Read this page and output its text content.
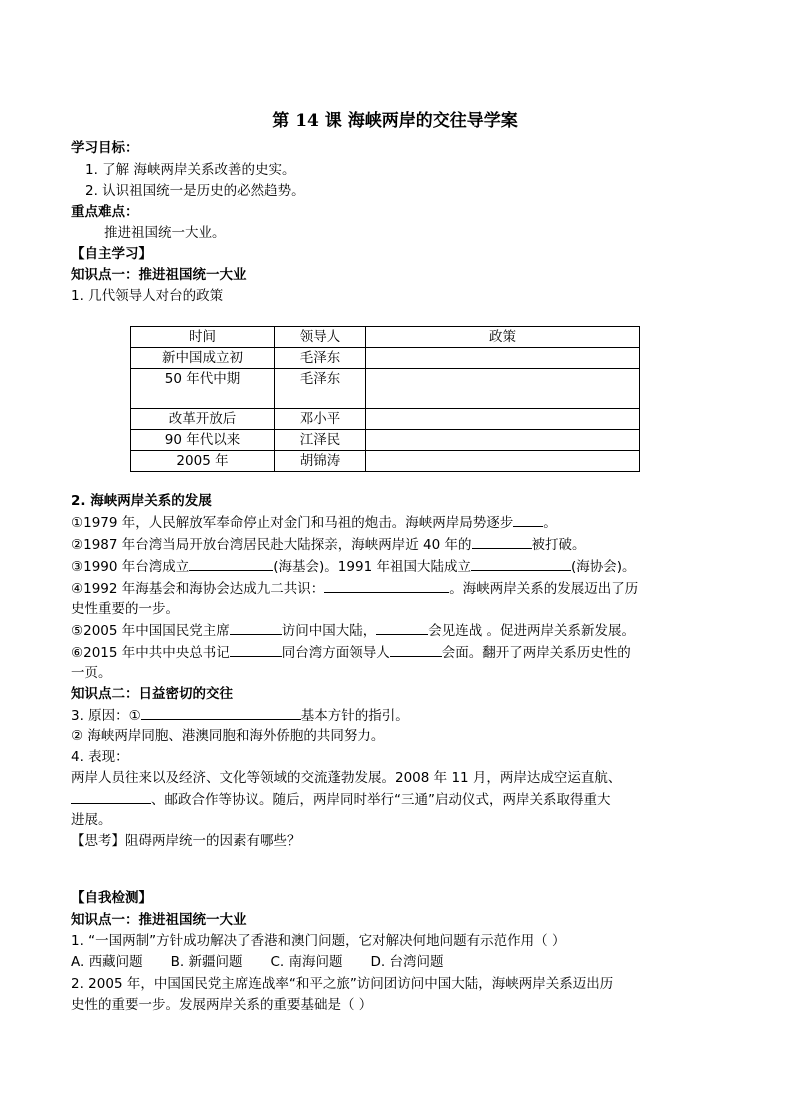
第 14 课 海峡两岸的交往导学案
学习目标：
1. 了解 海峡两岸关系改善的史实。
2. 认识祖国统一是历史的必然趋势。
重点难点：
推进祖国统一大业。
【自主学习】
知识点一：推进祖国统一大业
1. 几代领导人对台的政策
时间	领导人	政策
新中国成立初	毛泽东	
50 年代中期	毛泽东	
改革开放后	邓小平	
90 年代以来	江泽民	
2005 年	胡锦涛	
2. 海峡两岸关系的发展
①1979 年，人民解放军奉命停止对金门和马祖的炮击。海峡两岸局势逐步 。
②1987 年台湾当局开放台湾居民赴大陆探亲，海峡两岸近 40 年的	被打破。
③1990 年台湾成立	(海基会)。1991 年祖国大陆成立	(海协会)。
④1992 年海基会和海协会达成九二共识：	。海峡两岸关系的发展迈出了历
史性重要的一步。
⑤2005 年中国国民党主席	访问中国大陆，	会见连战 。促进两岸关系新发展。
⑥2015 年中共中央总书记	同台湾方面领导人	会面。翻开了两岸关系历史性的
一页。
知识点二：日益密切的交往
3. 原因：①	基本方针的指引。
② 海峡两岸同胞、港澳同胞和海外侨胞的共同努力。
4. 表现：
两岸人员往来以及经济、文化等领域的交流蓬勃发展。2008 年 11 月，两岸达成空运直航、
、邮政合作等协议。随后，两岸同时举行“三通”启动仪式，两岸关系取得重大
进展。
【思考】阻碍两岸统一的因素有哪些？
【自我检测】
知识点一：推进祖国统一大业
1. “一国两制”方针成功解决了香港和澳门问题，它对解决何地问题有示范作用（ ）
A. 西藏问题 B. 新疆问题 C. 南海问题 D. 台湾问题
2. 2005 年，中国国民党主席连战率“和平之旅”访问团访问中国大陆，海峡两岸关系迈出历
史性的重要一步。发展两岸关系的重要基础是（ ）
